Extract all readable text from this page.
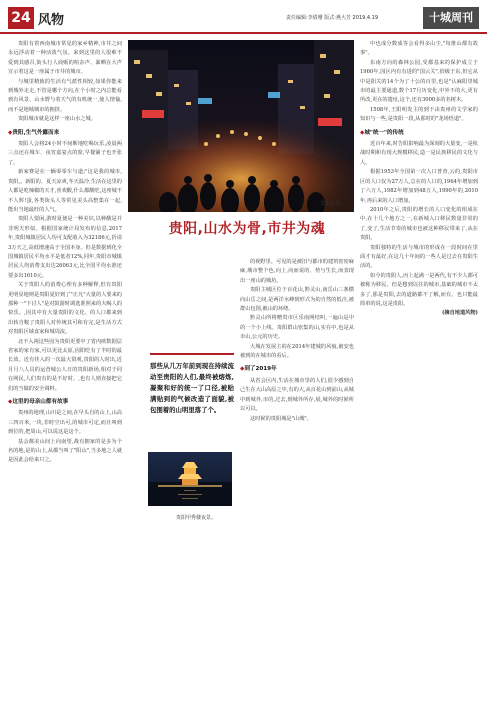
24 风物	责任编辑:李倩珊 版式:燕大芳 2019.4.19	十城周刊

贵阳有着西南城市常见的家乡精神,市井之间永远浮动着一种活泼气氛。来到这里的人很难不爱到其感召,街头行人商贩的喧杂声、暴晒在大声宣示着这是一座属于市井的城市。

与城里精致的生活有气派性相较,如果你能来到城外走走,不管是哪个方向,在个小时之内总能看到有风景、山水野与着天气的有机统一,使人情愉,而不是地城城市的拥挤。

贵阳城市就是这样一座山水之城。

◆贵阳,生气外露而来

贵阳人会将24小时不间断地吃喝玩乐,凌晨两三点还在城车、夜宵嘉宴点的窗,早餐铺子也开张了。

新家赛是在一辆零零车与道;"这是我的城市,贵阳,。新阳的、夏天凉爽,冬天温冷,生活在这里的人都是吃辣椒的天才,喜欢酸,什么都酸吃,这座城不不人辉!蛋,各类街头人等常见美头高整集在一起,能出当地最旺的人气。

贵阳人要闲,游时夏使是一种美识,以种酸是并非明天形似。根据国家统计局发布的信息,2017年,贵阳城镇居民人均可支配收入为32186元,折请3万天之,高低增速高于全国本身。但是数据到化全国城镇居民平均水平是低者12%,同年,贵阳市城镇居民人均消费支出达26063元,比全国平均水准还要多出1610元。

关于贵阳人的消费心理有多种解释,但有贵阳更明显地则是贵阳夏好到了"正凡"大量的人要来的那种一"下讨人"是对鼓游时调选准照来的大喝人的快乐。,因其中有大量贵阳的文化、的人口都来到出转自鞍了贵阳人对传统其可和有完,是生活方式对贵阳区域食家和城周流。

北不入视这些因为贵阳更要中了省内欧数据层省家的家有家,可以更比太原,因阳吃有了半时的最长效。近有佳入的一次最大资观,贵阳的人时出,近月月八人员的运营城公人日的贵阳新场,相对于同在网民,人们贵有的是不好时。,也有人则直接把它们的当做的安全调料。

◆这里的母亲山都有故事

贵州的地理,山川是之间,在早头自的山上,山高三四百米,一块,非时空出可,的城市可定,而且叫到到位的,把周山,可以说这是这个。

基会都美山间上向南望,战有拥家的是多为个名的地,是的山上,从都当叫了"阳山",当多地之人就是因此会给来只之。

贵阳夜市。
贵阳,山水为骨,市井为魂

的视野里。可见的是被旧与都市的建筑密密麻麻,城市整个色,向上,向而说的、势与生长,而表现出一座山的城坊。

贵阳主城区位于百花山,黔灵山,南岳山三条横向山岳之间,是两洋水峰到形式为的自然的低洼,被群山包围,被山的环绕。

黔灵山所将赠贵市区乐南网结叫,一遍山是中的一个小上线。贵阳群山密集的山,实在中,也是从市山,公元的历史。

大城在发展主的在2014年建城的风貌,被安也被到的在城市的看后。

◆到了2019年

从省会区内,生活在城市里的人们,很少感到自己生在大山高原之中,有的大,从百花山到前山,从城中到城外,市的,过去,到城外所存,展,城外的时候所以可以。

这时候的贵阳城是"山城"。

那些从几万年前到现在持续流动至贵阳的人们,最终被熔炼,凝聚和好的统一了口径,被贴满贴到的气候改造了面貌,被包围着的山明里落了个。
贵阳甲秀楼夜景。

中也成分数成等会看得多山尘,"每推山都有故事"。

东南方向的森林公园,受都基来的保护成立于1960年,园区内有有进的"国云关",拾级于东,但它从中是阳关的14个为了十公的百里,也是"认麻阳里城市的最主要通道,数个17月历变化,中外不的大,更有所改,更在的遗址,这个,还有3000多的名树木。

1508年,王阳明发主的到下由贵州的文学家的知识与一些,是贵阳一段,从那时的"龙场悟道"。

◆城"统一"的传统

近百年来,时告阳影响最为深刻的大量变,一是杭战时期和有现大规模移民,造一是民族移民的文化与人。

根据1953年全国第一次人口普查,云的,贵阳市区的人口仅为27万人,总在的人口的,1964年增加到了六万人,1982年增加到48万人,1990年的,2010年,再后来的人口增加。

2010年之后,贵阳的增长的人口变化的组成在中,在十几个地方之一,在新城入口移民数量非常的了,变了,生活节奏的城市也被这种移民带来了,从在贵阳。

贵阳独特的生活与城市的形成在一段时间在里面才有最好,在这几十年间的一些人是过去在贵阳生活的。

如今的贵阳人,丙上起满一是两代,有不少人都可被称为移民。但是想到以往的城市,基础的城市不太多了,那是贵阳,去的道路都不了解,而有。也只能最简单的说,这是贵阳。

(摘自地道风物)
